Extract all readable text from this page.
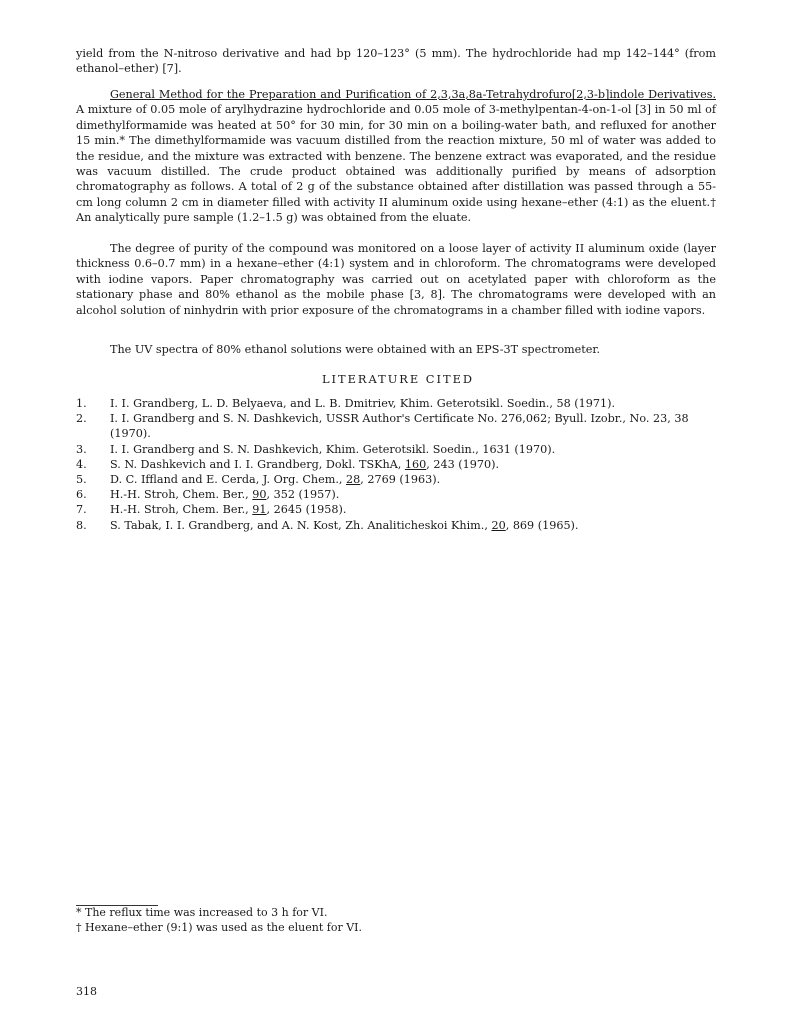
yield from the N-nitroso derivative and had bp 120–123° (5 mm). The hydrochloride had mp 142–144° (from ethanol–ether) [7].

General Method for the Preparation and Purification of 2,3,3a,8a-Tetrahydrofuro[2,3-b]indole Derivatives. A mixture of 0.05 mole of arylhydrazine hydrochloride and 0.05 mole of 3-methylpentan-4-on-1-ol [3] in 50 ml of dimethylformamide was heated at 50° for 30 min, for 30 min on a boiling-water bath, and refluxed for another 15 min.* The dimethylformamide was vacuum distilled from the reaction mixture, 50 ml of water was added to the residue, and the mixture was extracted with benzene. The benzene extract was evaporated, and the residue was vacuum distilled. The crude product obtained was additionally purified by means of adsorption chromatography as follows. A total of 2 g of the substance obtained after distillation was passed through a 55-cm long column 2 cm in diameter filled with activity II aluminum oxide using hexane–ether (4:1) as the eluent.† An analytically pure sample (1.2–1.5 g) was obtained from the eluate.

The degree of purity of the compound was monitored on a loose layer of activity II aluminum oxide (layer thickness 0.6–0.7 mm) in a hexane–ether (4:1) system and in chloroform. The chromatograms were developed with iodine vapors. Paper chromatography was carried out on acetylated paper with chloroform as the stationary phase and 80% ethanol as the mobile phase [3, 8]. The chromatograms were developed with an alcohol solution of ninhydrin with prior exposure of the chromatograms in a chamber filled with iodine vapors.

The UV spectra of 80% ethanol solutions were obtained with an EPS-3T spectrometer.

LITERATURE CITED
1.	I. I. Grandberg, L. D. Belyaeva, and L. B. Dmitriev, Khim. Geterotsikl. Soedin., 58 (1971).
2.	I. I. Grandberg and S. N. Dashkevich, USSR Author's Certificate No. 276,062; Byull. Izobr., No. 23, 38 (1970).
3.	I. I. Grandberg and S. N. Dashkevich, Khim. Geterotsikl. Soedin., 1631 (1970).
4.	S. N. Dashkevich and I. I. Grandberg, Dokl. TSKhA, 160, 243 (1970).
5.	D. C. Iffland and E. Cerda, J. Org. Chem., 28, 2769 (1963).
6.	H.-H. Stroh, Chem. Ber., 90, 352 (1957).
7.	H.-H. Stroh, Chem. Ber., 91, 2645 (1958).
8.	S. Tabak, I. I. Grandberg, and A. N. Kost, Zh. Analiticheskoi Khim., 20, 869 (1965).
* The reflux time was increased to 3 h for VI.
† Hexane–ether (9:1) was used as the eluent for VI.
318
